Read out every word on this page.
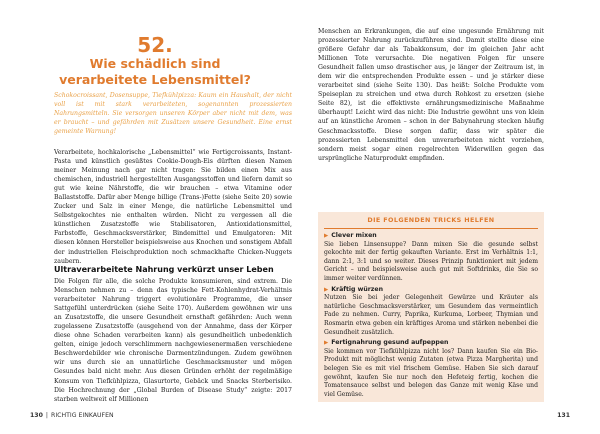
52.
Wie schädlich sind
verarbeitete Lebensmittel?
Schokocroissant, Dosensuppe, Tiefkühlpizza: Kaum ein Haushalt, der nicht voll ist mit stark verarbeiteten, sogenannten prozessierten Nahrungsmitteln. Sie versorgen unseren Körper aber nicht mit dem, was er braucht – und gefährden mit Zusätzen unsere Gesundheit. Eine ernst gemeinte Warnung!
Verarbeitete, hochkalorische „Lebensmittel“ wie Fertigcroissants, Instant-Pasta und künstlich gesüßtes Cookie-Dough-Eis dürften diesen Namen meiner Meinung nach gar nicht tragen: Sie bilden einen Mix aus chemischen, industriell hergestellten Ausgangsstoffen und liefern damit so gut wie keine Nährstoffe, die wir brauchen – etwa Vitamine oder Ballaststoffe. Dafür aber Menge billige (Trans-)Fette (siehe Seite 20) sowie Zucker und Salz in einer Menge, die natürliche Lebensmittel und Selbstgekochtes nie enthalten würden. Nicht zu vergessen all die künstlichen Zusatzstoffe wie Stabilisatoren, Antioxidationsmittel, Farbstoffe, Geschmacksverstärker, Bindemittel und Emulgatoren: Mit diesen können Hersteller beispielsweise aus Knochen und sonstigem Abfall der industriellen Fleischproduktion noch schmackhafte Chicken-Nuggets zaubern.
Ultraverarbeitete Nahrung verkürzt unser Leben
Die Folgen für alle, die solche Produkte konsumieren, sind extrem. Die Menschen nehmen zu – denn das typische Fett-Kohlenhydrat-Verhältnis verarbeiteter Nahrung triggert evolutionäre Programme, die unser Sattgefühl unterdrücken (siehe Seite 170). Außerdem gewöhnen wir uns an Zusatzstoffe, die unsere Gesundheit ernsthaft gefährden: Auch wenn zugelassene Zusatzstoffe (ausgehend von der Annahme, dass der Körper diese ohne Schaden verarbeiten kann) als gesundheitlich unbedenklich gelten, einige jedoch verschlimmern nachgewiesenermaßen verschiedene Beschwerdebilder wie chronische Darmentzündungen. Zudem gewöhnen wir uns durch sie an unnatürliche Geschmacksmuster und mögen Gesundes bald nicht mehr. Aus diesen Gründen erhöht der regelmäßige Konsum von Tiefkühlpizza, Glasurtorte, Gebäck und Snacks Sterberisiko. Die Hochrechnung der „Global Burden of Disease Study“ zeigte: 2017 starben weltweit elf Millionen
130 | RICHTIG EINKAUFEN
Menschen an Erkrankungen, die auf eine ungesunde Ernährung mit prozessierter Nahrung zurückzuführen sind. Damit stellte diese eine größere Gefahr dar als Tabakkonsum, der im gleichen Jahr acht Millionen Tote verursachte. Die negativen Folgen für unsere Gesundheit fallen umso drastischer aus, je länger der Zeitraum ist, in dem wir die entsprechenden Produkte essen – und je stärker diese verarbeitet sind (siehe Seite 130). Das heißt: Solche Produkte vom Speiseplan zu streichen und etwa durch Rohkost zu ersetzen (siehe Seite 82), ist die effektivste ernährungsmedizinische Maßnahme überhaupt! Leicht wird das nicht: Die Industrie gewöhnt uns von klein auf an künstliche Aromen – schon in der Babynahrung stecken häufig Geschmacksstoffe. Diese sorgen dafür, dass wir später die prozessierten Lebensmittel den unverarbeiteten nicht vorziehen, sondern meist sogar einen regelrechten Widerwillen gegen das ursprüngliche Naturprodukt empfinden.
DIE FOLGENDEN TRICKS HELFEN
▶ Clever mixen
Sie lieben Linsensuppe? Dann mixen Sie die gesunde selbst gekochte mit der fertig gekauften Variante. Erst im Verhältnis 1:1, dann 2:1, 3:1 und so weiter. Dieses Prinzip funktioniert mit jedem Gericht – und beispielsweise auch gut mit Softdrinks, die Sie so immer weiter verdünnen.
▶ Kräftig würzen
Nutzen Sie bei jeder Gelegenheit Gewürze und Kräuter als natürliche Geschmacksverstärker, um Gesundem das vermeintlich Fade zu nehmen. Curry, Paprika, Kurkuma, Lorbeer, Thymian und Rosmarin etwa geben ein kräftiges Aroma und stärken nebenbei die Gesundheit zusätzlich.
▶ Fertignahrung gesund aufpeppen
Sie kommen vor Tiefkühlpizza nicht los? Dann kaufen Sie ein Bio-Produkt mit möglichst wenig Zutaten (etwa Pizza Margherita) und belegen Sie es mit viel frischem Gemüse. Haben Sie sich darauf gewöhnt, kaufen Sie nur noch den Hefeteig fertig, kochen die Tomatensauce selbst und belegen das Ganze mit wenig Käse und viel Gemüse.
131
